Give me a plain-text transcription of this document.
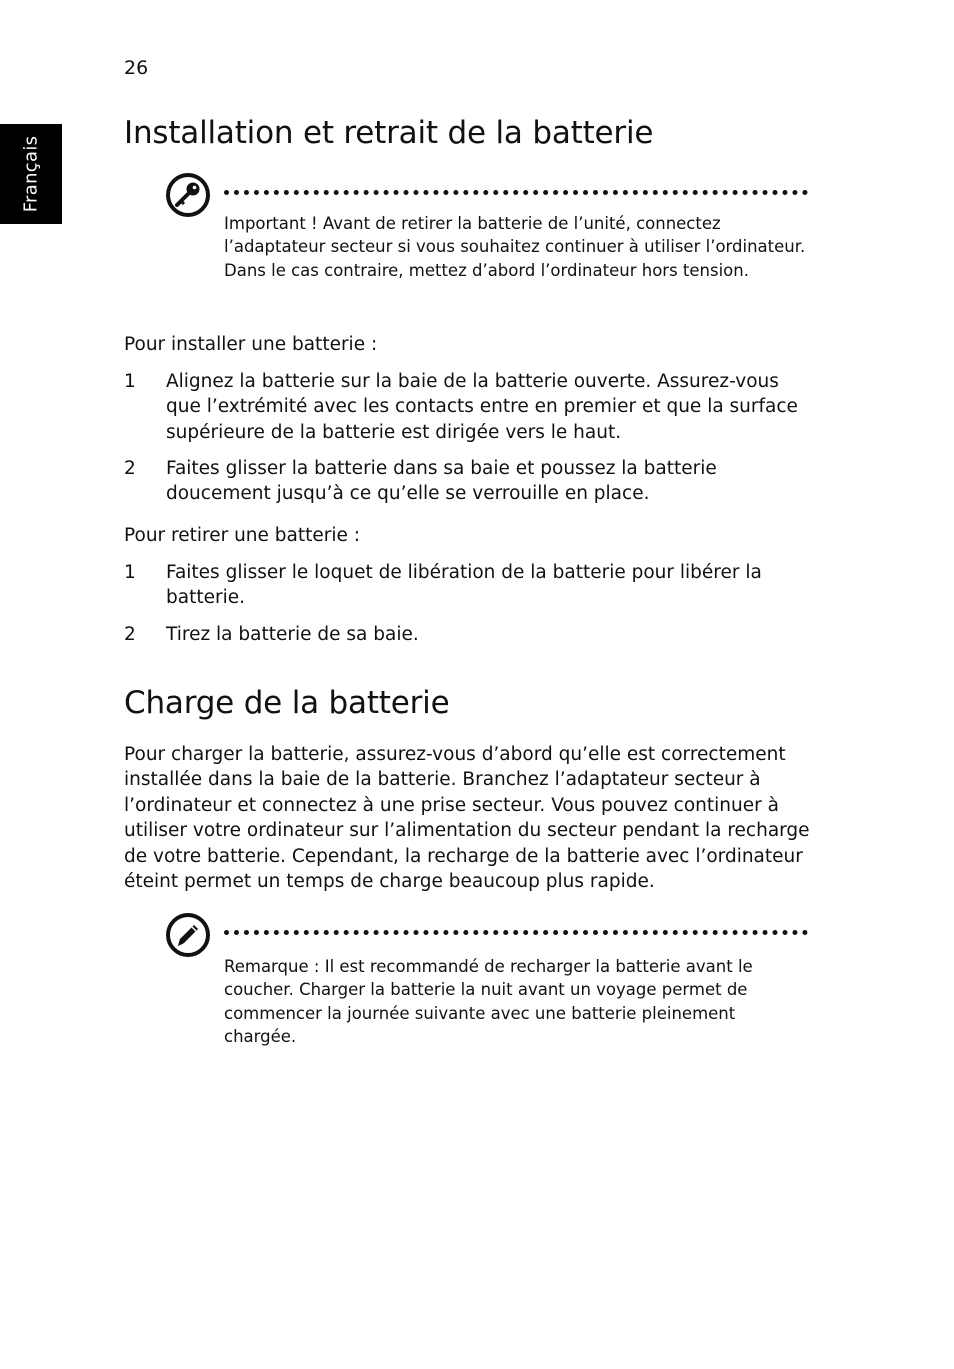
26
Français
Installation et retrait de la batterie

Important ! Avant de retirer la batterie de l’unité, connectez l’adaptateur secteur si vous souhaitez continuer à utiliser l’ordinateur. Dans le cas contraire, mettez d’abord l’ordinateur hors tension.

Pour installer une batterie :

1 Alignez la batterie sur la baie de la batterie ouverte. Assurez-vous que l’extrémité avec les contacts entre en premier et que la surface supérieure de la batterie est dirigée vers le haut.
2 Faites glisser la batterie dans sa baie et poussez la batterie doucement jusqu’à ce qu’elle se verrouille en place.

Pour retirer une batterie :

1 Faites glisser le loquet de libération de la batterie pour libérer la batterie.
2 Tirez la batterie de sa baie.
Charge de la batterie

Pour charger la batterie, assurez-vous d’abord qu’elle est correctement installée dans la baie de la batterie. Branchez l’adaptateur secteur à l’ordinateur et connectez à une prise secteur. Vous pouvez continuer à utiliser votre ordinateur sur l’alimentation du secteur pendant la recharge de votre batterie. Cependant, la recharge de la batterie avec l’ordinateur éteint permet un temps de charge beaucoup plus rapide.

Remarque : Il est recommandé de recharger la batterie avant le coucher. Charger la batterie la nuit avant un voyage permet de commencer la journée suivante avec une batterie pleinement chargée.
